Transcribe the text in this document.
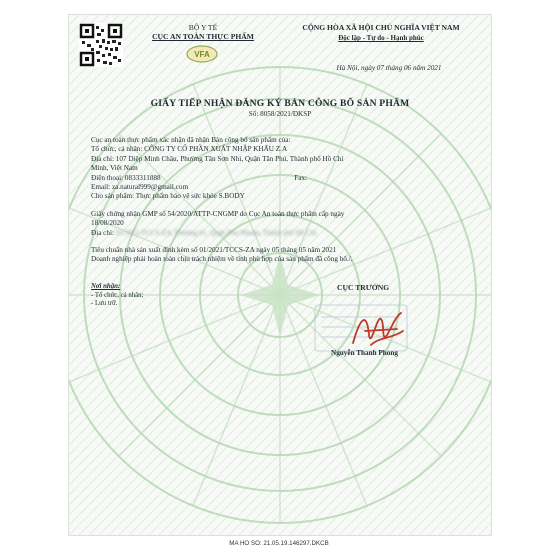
BỘ Y TẾ
CỤC AN TOÀN THỰC PHẨM
VFA
CỘNG HÒA XÃ HỘI CHỦ NGHĨA VIỆT NAM
Độc lập - Tự do - Hạnh phúc
Hà Nội, ngày 07 tháng 06 năm 2021
GIẤY TIẾP NHẬN ĐĂNG KÝ BẢN CÔNG BỐ SẢN PHẨM
Số: 8058/2021/ĐKSP

Cục an toàn thực phẩm xác nhận đã nhận Bản công bố sản phẩm của:

Tổ chức, cá nhân: CÔNG TY CỔ PHẦN XUẤT NHẬP KHẨU Z.A

Địa chỉ: 107 Diệp Minh Châu, Phường Tân Sơn Nhì, Quận Tân Phú, Thành phố Hồ Chí

Minh, Việt Nam

Điện thoại: 0833311888	Fax:

Email: za.natural999@gmail.com

Cho sản phẩm: Thực phẩm bảo vệ sức khỏe S.BODY

Giấy chứng nhận GMP số 54/2020/ATTP-CNGMP do Cục An toàn thực phẩm cấp ngày

18/08/2020

Địa chỉ: 01/2021/TCCS-ZA, Phường 01, Quận Phú Nhuận, Thành phố Hồ Chí

Tiêu chuẩn nhà sản xuất đính kèm số 01/2021/TCCS-ZA ngày 05 tháng 05 năm 2021

Doanh nghiệp phải hoàn toàn chịu trách nhiệm về tính phù hợp của sản phẩm đã công bố./.

Nơi nhận:
- Tổ chức, cá nhân;
- Lưu trữ.
CỤC TRƯỞNG
Nguyễn Thanh Phong
MA HO SO: 21.05.19.146297.DKCB
